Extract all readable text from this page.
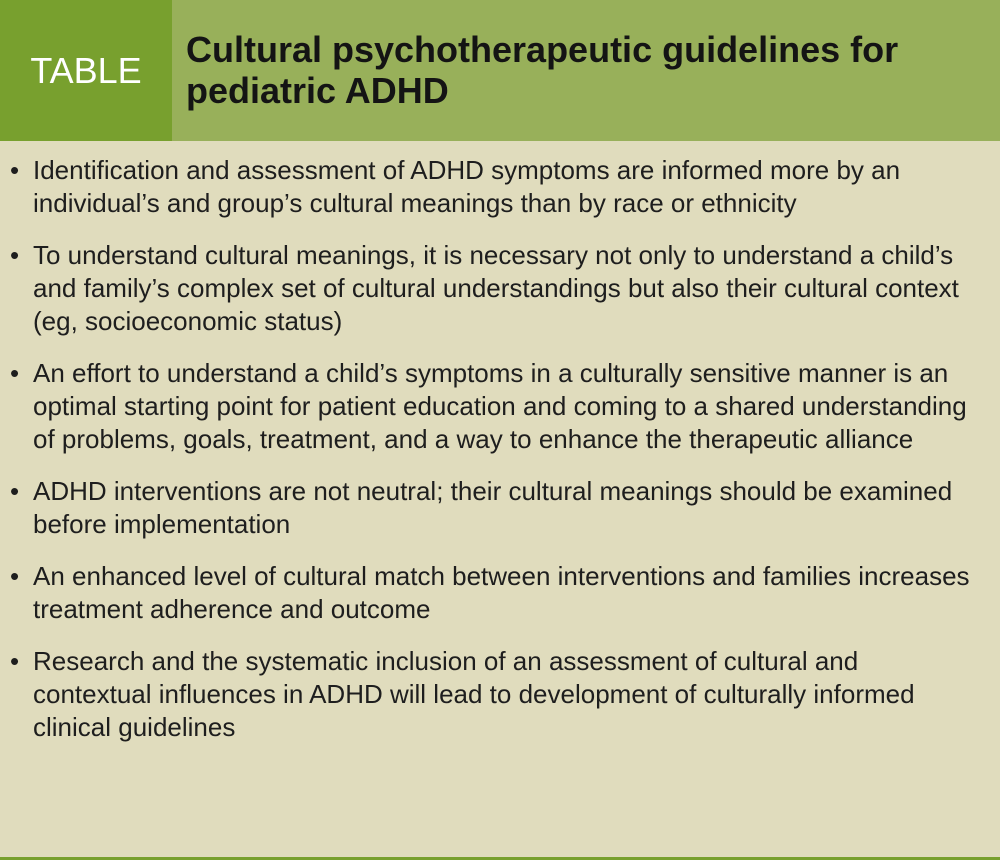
TABLE	Cultural psychotherapeutic guidelines for pediatric ADHD
• Identification and assessment of ADHD symptoms are informed more by an individual’s and group’s cultural meanings than by race or ethnicity
• To understand cultural meanings, it is necessary not only to understand a child’s and family’s complex set of cultural understandings but also their cultural context (eg, socioeconomic status)
• An effort to understand a child’s symptoms in a culturally sensitive manner is an optimal starting point for patient education and coming to a shared understanding of problems, goals, treatment, and a way to enhance the therapeutic alliance
• ADHD interventions are not neutral; their cultural meanings should be examined before implementation
• An enhanced level of cultural match between interventions and families increases treatment adherence and outcome
• Research and the systematic inclusion of an assessment of cultural and contextual influences in ADHD will lead to development of culturally informed clinical guidelines
